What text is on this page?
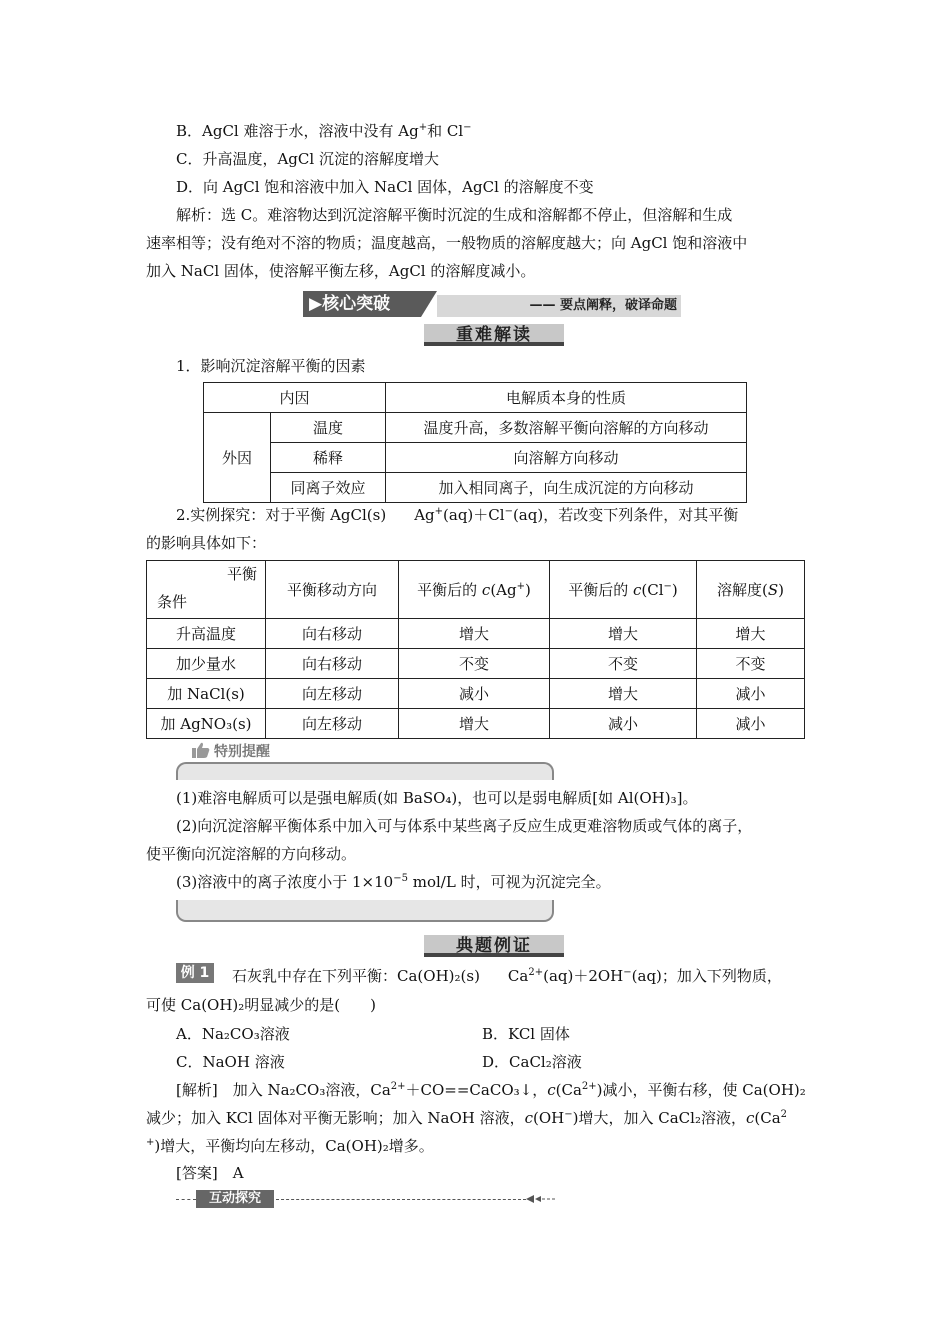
B．AgCl 难溶于水，溶液中没有 Ag+和 Cl−
C．升高温度，AgCl 沉淀的溶解度增大
D．向 AgCl 饱和溶液中加入 NaCl 固体，AgCl 的溶解度不变
解析：选 C。难溶物达到沉淀溶解平衡时沉淀的生成和溶解都不停止，但溶解和生成
速率相等；没有绝对不溶的物质；温度越高，一般物质的溶解度越大；向 AgCl 饱和溶液中
加入 NaCl 固体，使溶解平衡左移，AgCl 的溶解度减小。
▶核心突破	—— 要点阐释，破译命题
重难解读
1．影响沉淀溶解平衡的因素
内因		电解质本身的性质
外因	温度	温度升高，多数溶解平衡向溶解的方向移动
	稀释	向溶解方向移动
	同离子效应	加入相同离子，向生成沉淀的方向移动
2.实例探究：对于平衡 AgCl(s) Ag+(aq)＋Cl−(aq)，若改变下列条件，对其平衡
的影响具体如下：
平衡
条件	平衡移动方向	平衡后的 c(Ag+)	平衡后的 c(Cl−)	溶解度(S)
升高温度	向右移动	增大	增大	增大
加少量水	向右移动	不变	不变	不变
加 NaCl(s)	向左移动	减小	增大	减小
加 AgNO₃(s)	向左移动	增大	减小	减小
特别提醒
(1)难溶电解质可以是强电解质(如 BaSO₄)，也可以是弱电解质[如 Al(OH)₃]。
(2)向沉淀溶解平衡体系中加入可与体系中某些离子反应生成更难溶物质或气体的离子，
使平衡向沉淀溶解的方向移动。
(3)溶液中的离子浓度小于 $1\times 10^{-5}$ mol/L 时，可视为沉淀完全。
典题例证
例 1	石灰乳中存在下列平衡：Ca(OH)₂(s) $Ca^{2+}(aq)+2OH^-(aq)$；加入下列物质，
可使 Ca(OH)₂明显减少的是(　　)
A．Na₂CO₃溶液	B．KCl 固体
C．NaOH 溶液	D．CaCl₂溶液
[解析]　加入 Na₂CO₃溶液，$Ca^{2+}+CO==CaCO_3↓$，$c(Ca^{2+})$减小，平衡右移，使 Ca(OH)₂
减少；加入 KCl 固体对平衡无影响；加入 NaOH 溶液，c(OH−)增大，加入 CaCl₂溶液，c(Ca$^2$
+)增大，平衡均向左移动，Ca(OH)₂增多。
[答案]　A
互动探究
